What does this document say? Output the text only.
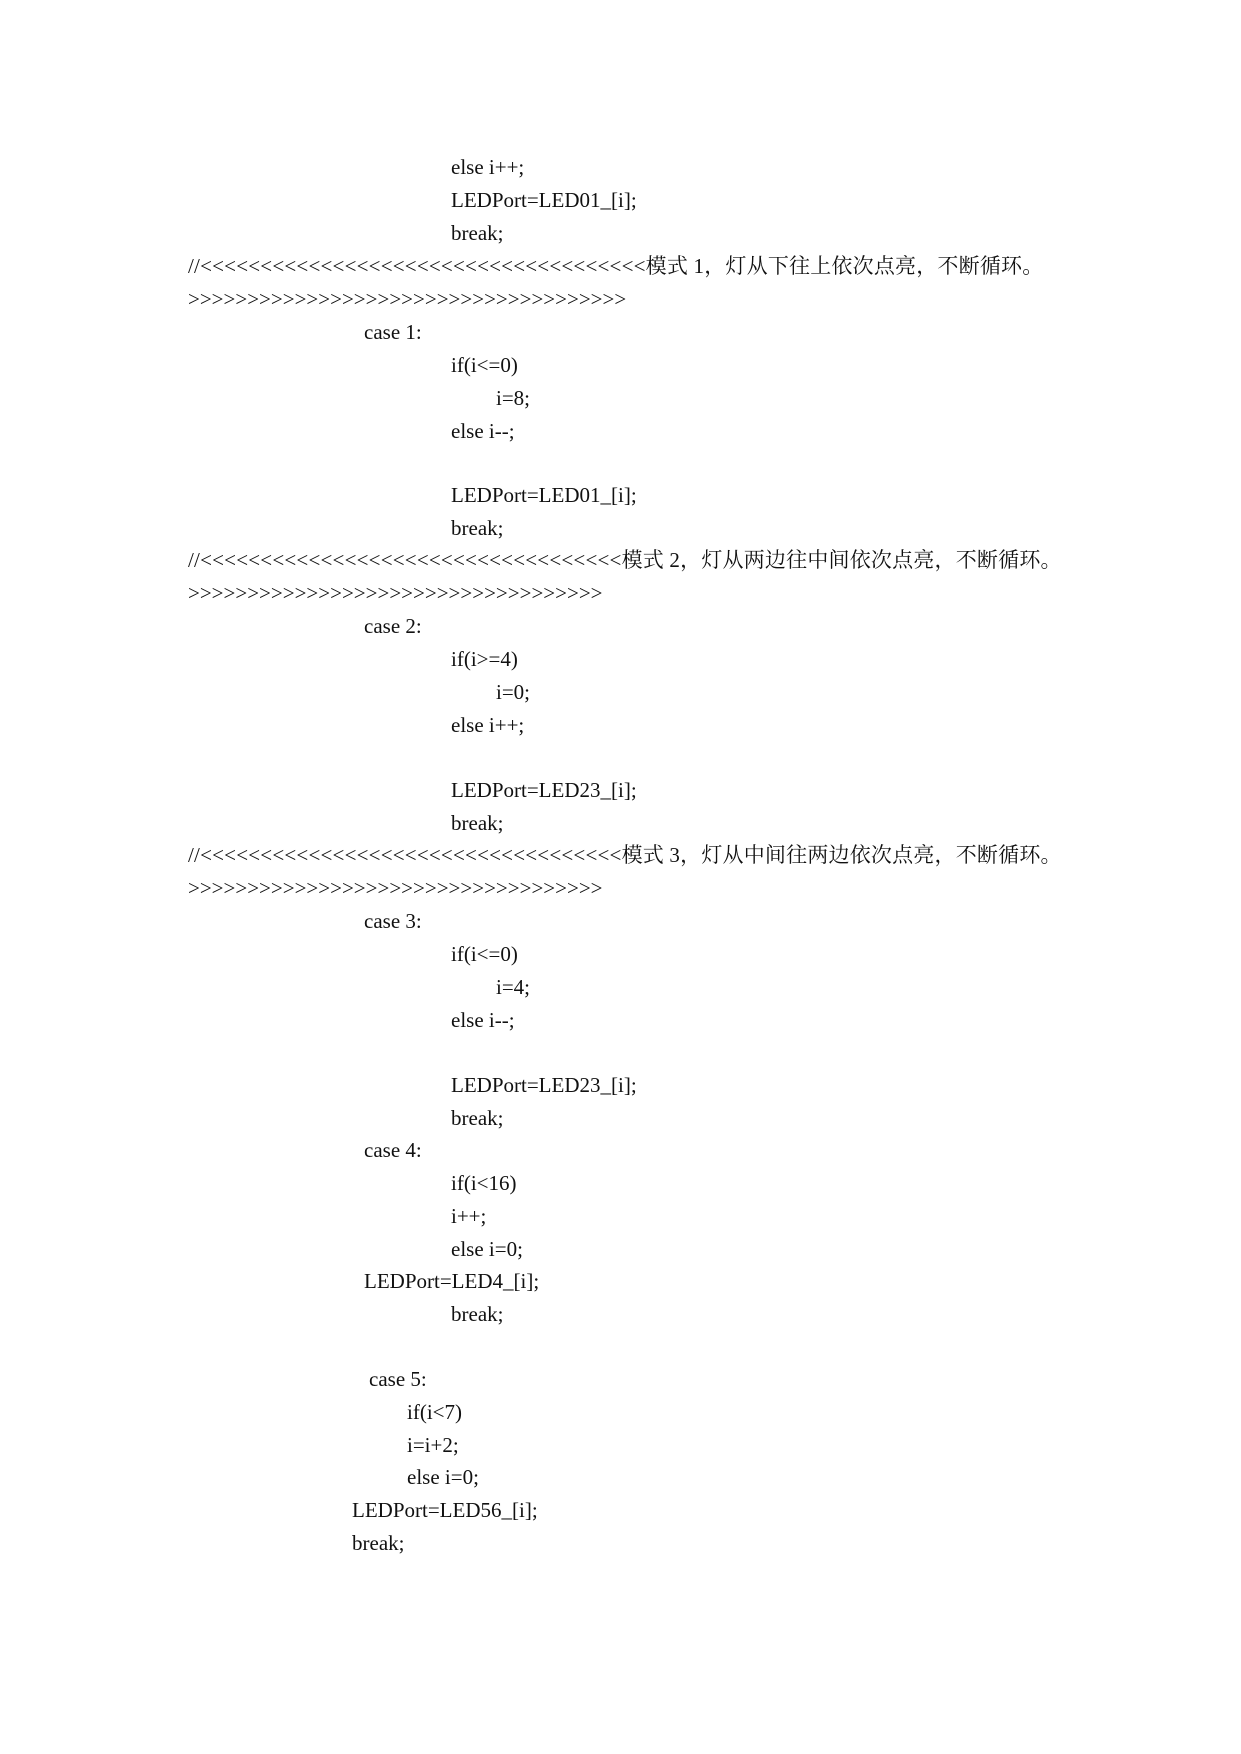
else i++;
LEDPort=LED01_[i];
break;
//<<<<<<<<<<<<<<<<<<<<<<<<<<<<<<<<<<<<<模式 1，灯从下往上依次点亮，不断循环。
>>>>>>>>>>>>>>>>>>>>>>>>>>>>>>>>>>>>>
case 1:
if(i<=0)
i=8;
else i--;
LEDPort=LED01_[i];
break;
//<<<<<<<<<<<<<<<<<<<<<<<<<<<<<<<<<<<模式 2，灯从两边往中间依次点亮，不断循环。
>>>>>>>>>>>>>>>>>>>>>>>>>>>>>>>>>>>
case 2:
if(i>=4)
i=0;
else i++;
LEDPort=LED23_[i];
break;
//<<<<<<<<<<<<<<<<<<<<<<<<<<<<<<<<<<<模式 3，灯从中间往两边依次点亮，不断循环。
>>>>>>>>>>>>>>>>>>>>>>>>>>>>>>>>>>>
case 3:
if(i<=0)
i=4;
else i--;
LEDPort=LED23_[i];
break;
case 4:
if(i<16)
i++;
else i=0;
LEDPort=LED4_[i];
break;
case 5:
if(i<7)
i=i+2;
else i=0;
LEDPort=LED56_[i];
break;
